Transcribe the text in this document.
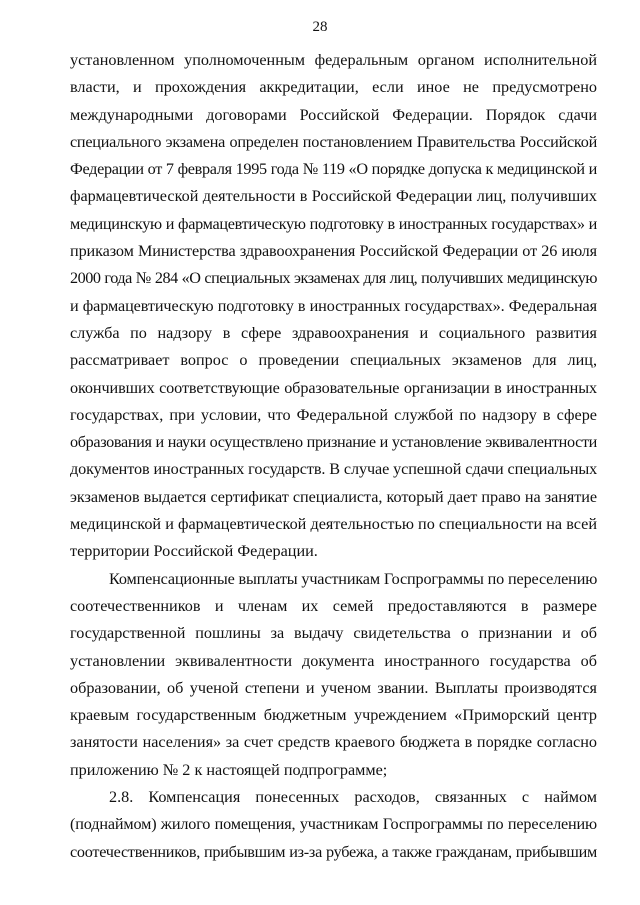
28
установленном уполномоченным федеральным органом исполнительной
власти, и прохождения аккредитации, если иное не предусмотрено
международными договорами Российской Федерации. Порядок сдачи
специального экзамена определен постановлением Правительства Российской
Федерации от 7 февраля 1995 года № 119 «О порядке допуска к медицинской и
фармацевтической деятельности в Российской Федерации лиц, получивших
медицинскую и фармацевтическую подготовку в иностранных государствах» и
приказом Министерства здравоохранения Российской Федерации от 26 июля
2000 года № 284 «О специальных экзаменах для лиц, получивших медицинскую
и фармацевтическую подготовку в иностранных государствах». Федеральная
служба по надзору в сфере здравоохранения и социального развития
рассматривает вопрос о проведении специальных экзаменов для лиц,
окончивших соответствующие образовательные организации в иностранных
государствах, при условии, что Федеральной службой по надзору в сфере
образования и науки осуществлено признание и установление эквивалентности
документов иностранных государств. В случае успешной сдачи специальных
экзаменов выдается сертификат специалиста, который дает право на занятие
медицинской и фармацевтической деятельностью по специальности на всей
территории Российской Федерации.
Компенсационные выплаты участникам Госпрограммы по переселению
соотечественников и членам их семей предоставляются в размере
государственной пошлины за выдачу свидетельства о признании и об
установлении эквивалентности документа иностранного государства об
образовании, об ученой степени и ученом звании. Выплаты производятся
краевым государственным бюджетным учреждением «Приморский центр
занятости населения» за счет средств краевого бюджета в порядке согласно
приложению № 2 к настоящей подпрограмме;
2.8. Компенсация понесенных расходов, связанных с наймом
(поднаймом) жилого помещения, участникам Госпрограммы по переселению
соотечественников, прибывшим из-за рубежа, а также гражданам, прибывшим
